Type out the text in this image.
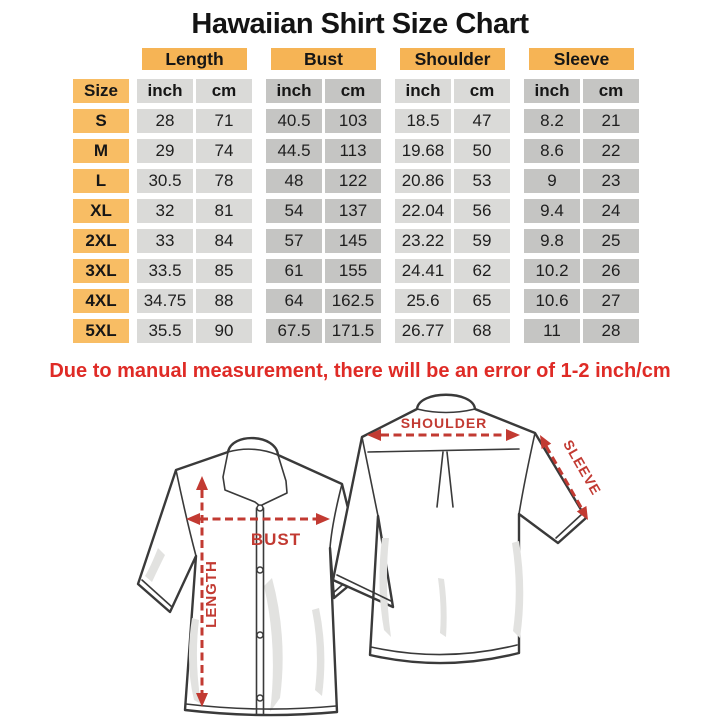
Hawaiian Shirt Size Chart
Length	Bust	Shoulder	Sleeve
Size	inch	cm	inch	cm	inch	cm	inch	cm
S	28	71	40.5	103	18.5	47	8.2	21
M	29	74	44.5	113	19.68	50	8.6	22
L	30.5	78	48	122	20.86	53	9	23
XL	32	81	54	137	22.04	56	9.4	24
2XL	33	84	57	145	23.22	59	9.8	25
3XL	33.5	85	61	155	24.41	62	10.2	26
4XL	34.75	88	64	162.5	25.6	65	10.6	27
5XL	35.5	90	67.5	171.5	26.77	68	11	28
Due to manual measurement, there will be an error of 1-2 inch/cm
LENGTH
BUST
SHOULDER
SLEEVE
